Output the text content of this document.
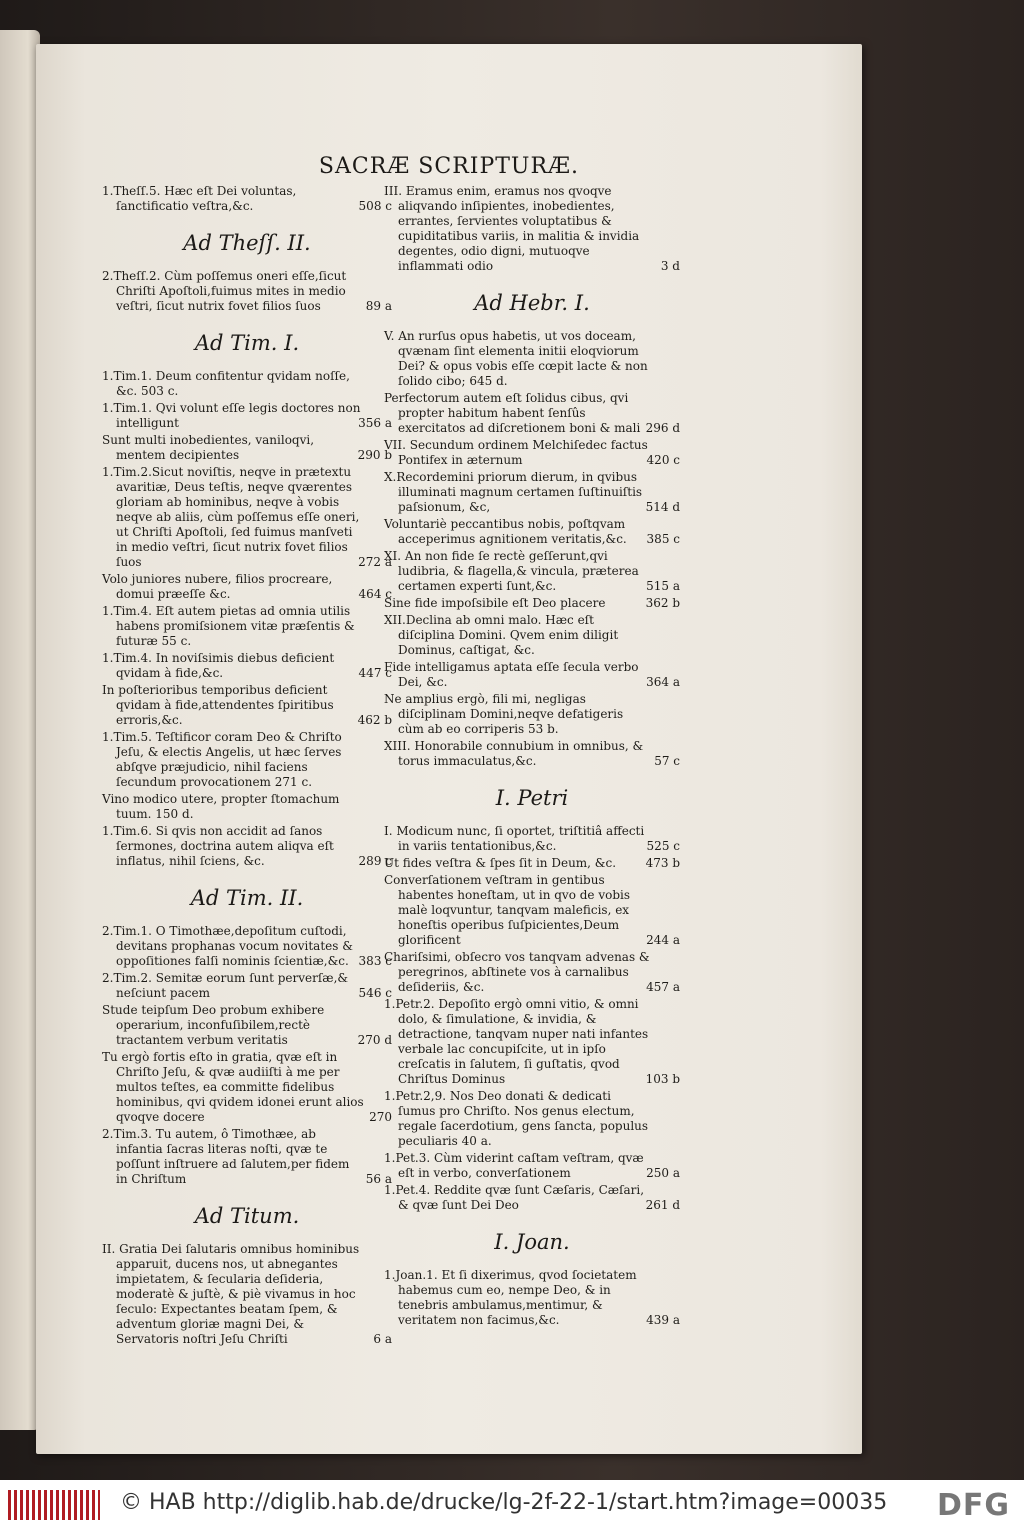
SACRÆ SCRIPTURÆ.
1.Theſſ.5. Hæc eſt Dei voluntas, ſanctificatio veſtra,&c.	508 c
Ad Theſſ. II.
2.Theſſ.2. Cùm poſſemus oneri eſſe,ſicut Chriſti Apoſtoli,fuimus mites in medio veſtri, ſicut nutrix fovet filios ſuos	89 a
Ad Tim. I.
1.Tim.1. Deum confitentur qvidam noſſe, &c. 503 c.
1.Tim.1. Qvi volunt eſſe legis doctores non intelligunt	356 a
Sunt multi inobedientes, vaniloqvi, mentem decipientes	290 b
1.Tim.2.Sicut noviſtis, neqve in prætextu avaritiæ, Deus teſtis, neqve qværentes gloriam ab hominibus, neqve à vobis neqve ab aliis, cùm poſſemus eſſe oneri, ut Chriſti Apoſtoli, ſed fuimus manſveti in medio veſtri, ſicut nutrix fovet filios ſuos	272 a
Volo juniores nubere, filios procreare, domui præeſſe &c.	464 c
1.Tim.4. Eſt autem pietas ad omnia utilis habens promiſsionem vitæ præſentis & futuræ 55 c.
1.Tim.4. In noviſsimis diebus deficient qvidam à fide,&c.	447 c
In poſterioribus temporibus deficient qvidam à fide,attendentes ſpiritibus erroris,&c.	462 b
1.Tim.5. Teſtificor coram Deo & Chriſto Jeſu, & electis Angelis, ut hæc ſerves abſqve præjudicio, nihil faciens ſecundum provocationem 271 c.
Vino modico utere, propter ſtomachum tuum. 150 d.
1.Tim.6. Si qvis non accidit ad ſanos ſermones, doctrina autem aliqva eſt inflatus, nihil ſciens, &c.	289 c
Ad Tim. II.
2.Tim.1. O Timothæe,depoſitum cuſtodi, devitans prophanas vocum novitates & oppoſitiones falſi nominis ſcientiæ,&c. 383 c
2.Tim.2. Semitæ eorum ſunt perverſæ,& neſciunt pacem	546 c
Stude teipſum Deo probum exhibere operarium, inconfuſibilem,rectè tractantem verbum veritatis	270 d
Tu ergò fortis eſto in gratia, qvæ eſt in Chriſto Jeſu, & qvæ audiiſti à me per multos teſtes, ea committe fidelibus hominibus, qvi qvidem idonei erunt alios qvoqve docere	270
2.Tim.3. Tu autem, ô Timothæe, ab infantia ſacras literas noſti, qvæ te poſſunt inſtruere ad ſalutem,per fidem in Chriſtum	56 a
Ad Titum.
II. Gratia Dei ſalutaris omnibus hominibus apparuit, ducens nos, ut abnegantes impietatem, & ſecularia deſideria, moderatè & juſtè, & piè vivamus in hoc ſeculo: Expectantes beatam ſpem, & adventum gloriæ magni Dei, & Servatoris noſtri Jeſu Chriſti	6 a
III. Eramus enim, eramus nos qvoqve aliqvando inſipientes, inobedientes, errantes, ſervientes voluptatibus & cupiditatibus variis, in malitia & invidia degentes, odio digni, mutuoqve inflammati odio	3 d
Ad Hebr. I.
V. An rurſus opus habetis, ut vos doceam, qvænam ſint elementa initii eloqviorum Dei? & opus vobis eſſe cœpit lacte & non ſolido cibo; 645 d.
Perfectorum autem eſt ſolidus cibus, qvi propter habitum habent ſenſûs exercitatos ad diſcretionem boni & mali 296 d
VII. Secundum ordinem Melchiſedec factus Pontifex in æternum	420 c
X.Recordemini priorum dierum, in qvibus illuminati magnum certamen ſuſtinuiſtis paſsionum, &c,	514 d
Voluntariè peccantibus nobis, poſtqvam acceperimus agnitionem veritatis,&c. 385 c
XI. An non fide ſe rectè geſſerunt,qvi ludibria, & flagella,& vincula, præterea certamen experti ſunt,&c.	515 a
Sine fide impoſsibile eſt Deo placere	362 b
XII.Declina ab omni malo. Hæc eſt diſciplina Domini. Qvem enim diligit Dominus, caſtigat, &c.
Fide intelligamus aptata eſſe ſecula verbo Dei, &c.	364 a
Ne amplius ergò, fili mi, negligas diſciplinam Domini,neqve defatigeris cùm ab eo corriperis 53 b.
XIII. Honorabile connubium in omnibus, & torus immaculatus,&c.	57 c
I. Petri
I. Modicum nunc, ſi oportet, triſtitiâ affecti in variis tentationibus,&c.	525 c
Ut fides veſtra & ſpes ſit in Deum, &c. 473 b
Converſationem veſtram in gentibus habentes honeſtam, ut in qvo de vobis malè loqvuntur, tanqvam maleficis, ex honeſtis operibus ſuſpicientes,Deum glorificent	244 a
Chariſsimi, obſecro vos tanqvam advenas & peregrinos, abſtinete vos à carnalibus deſideriis, &c.	457 a
1.Petr.2. Depoſito ergò omni vitio, & omni dolo, & ſimulatione, & invidia, & detractione, tanqvam nuper nati infantes verbale lac concupiſcite, ut in ipſo creſcatis in ſalutem, ſi guſtatis, qvod Chriſtus Dominus	103 b
1.Petr.2,9. Nos Deo donati & dedicati ſumus pro Chriſto. Nos genus electum, regale ſacerdotium, gens ſancta, populus peculiaris 40 a.
1.Pet.3. Cùm viderint caſtam veſtram, qvæ eſt in verbo, converſationem	250 a
1.Pet.4. Reddite qvæ ſunt Cæſaris, Cæſari, & qvæ ſunt Dei Deo	261 d
I. Joan.
1.Joan.1. Et ſi dixerimus, qvod ſocietatem habemus cum eo, nempe Deo, & in tenebris ambulamus,mentimur, & veritatem non facimus,&c.	439 a
© HAB http://diglib.hab.de/drucke/lg-2f-22-1/start.htm?image=00035 DFG
